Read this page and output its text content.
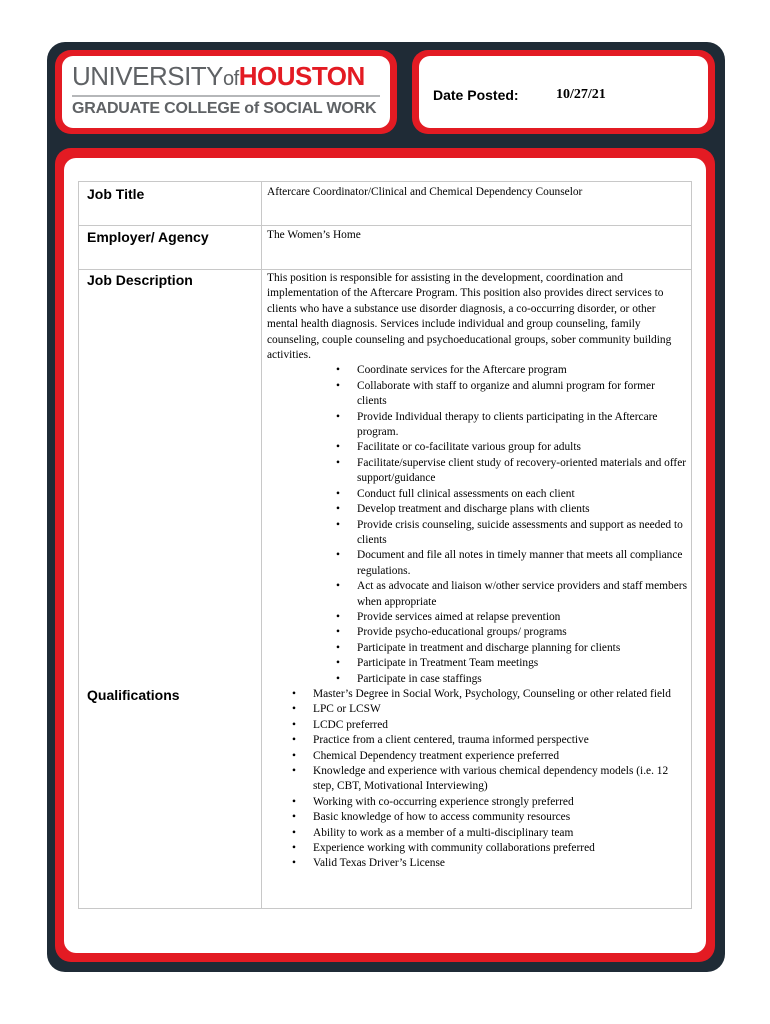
UNIVERSITYofHOUSTON
GRADUATE COLLEGE of SOCIAL WORK
Date Posted:	10/27/21
Job Title	Aftercare Coordinator/Clinical and Chemical Dependency Counselor
Employer/ Agency	The Women’s Home
Job Description	This position is responsible for assisting in the development, coordination and implementation of the Aftercare Program. This position also provides direct services to clients who have a substance use disorder diagnosis, a co-occurring disorder, or other mental health diagnosis. Services include individual and group counseling, family counseling, couple counseling and psychoeducational groups, sober community building activities.

• Coordinate services for the Aftercare program
• Collaborate with staff to organize and alumni program for former clients
• Provide Individual therapy to clients participating in the Aftercare program.
• Facilitate or co-facilitate various group for adults
• Facilitate/supervise client study of recovery-oriented materials and offer support/guidance
• Conduct full clinical assessments on each client
• Develop treatment and discharge plans with clients
• Provide crisis counseling, suicide assessments and support as needed to clients
• Document and file all notes in timely manner that meets all compliance regulations.
• Act as advocate and liaison w/other service providers and staff members when appropriate
• Provide services aimed at relapse prevention
• Provide psycho-educational groups/ programs
• Participate in treatment and discharge planning for clients
• Participate in Treatment Team meetings
• Participate in case staffings
Qualifications
•	Master’s Degree in Social Work, Psychology, Counseling or other related field
• LPC or LCSW
• LCDC preferred
• Practice from a client centered, trauma informed perspective
• Chemical Dependency treatment experience preferred
• Knowledge and experience with various chemical dependency models (i.e. 12 step, CBT, Motivational Interviewing)
• Working with co-occurring experience strongly preferred
• Basic knowledge of how to access community resources
• Ability to work as a member of a multi-disciplinary team
• Experience working with community collaborations preferred
• Valid Texas Driver’s License
